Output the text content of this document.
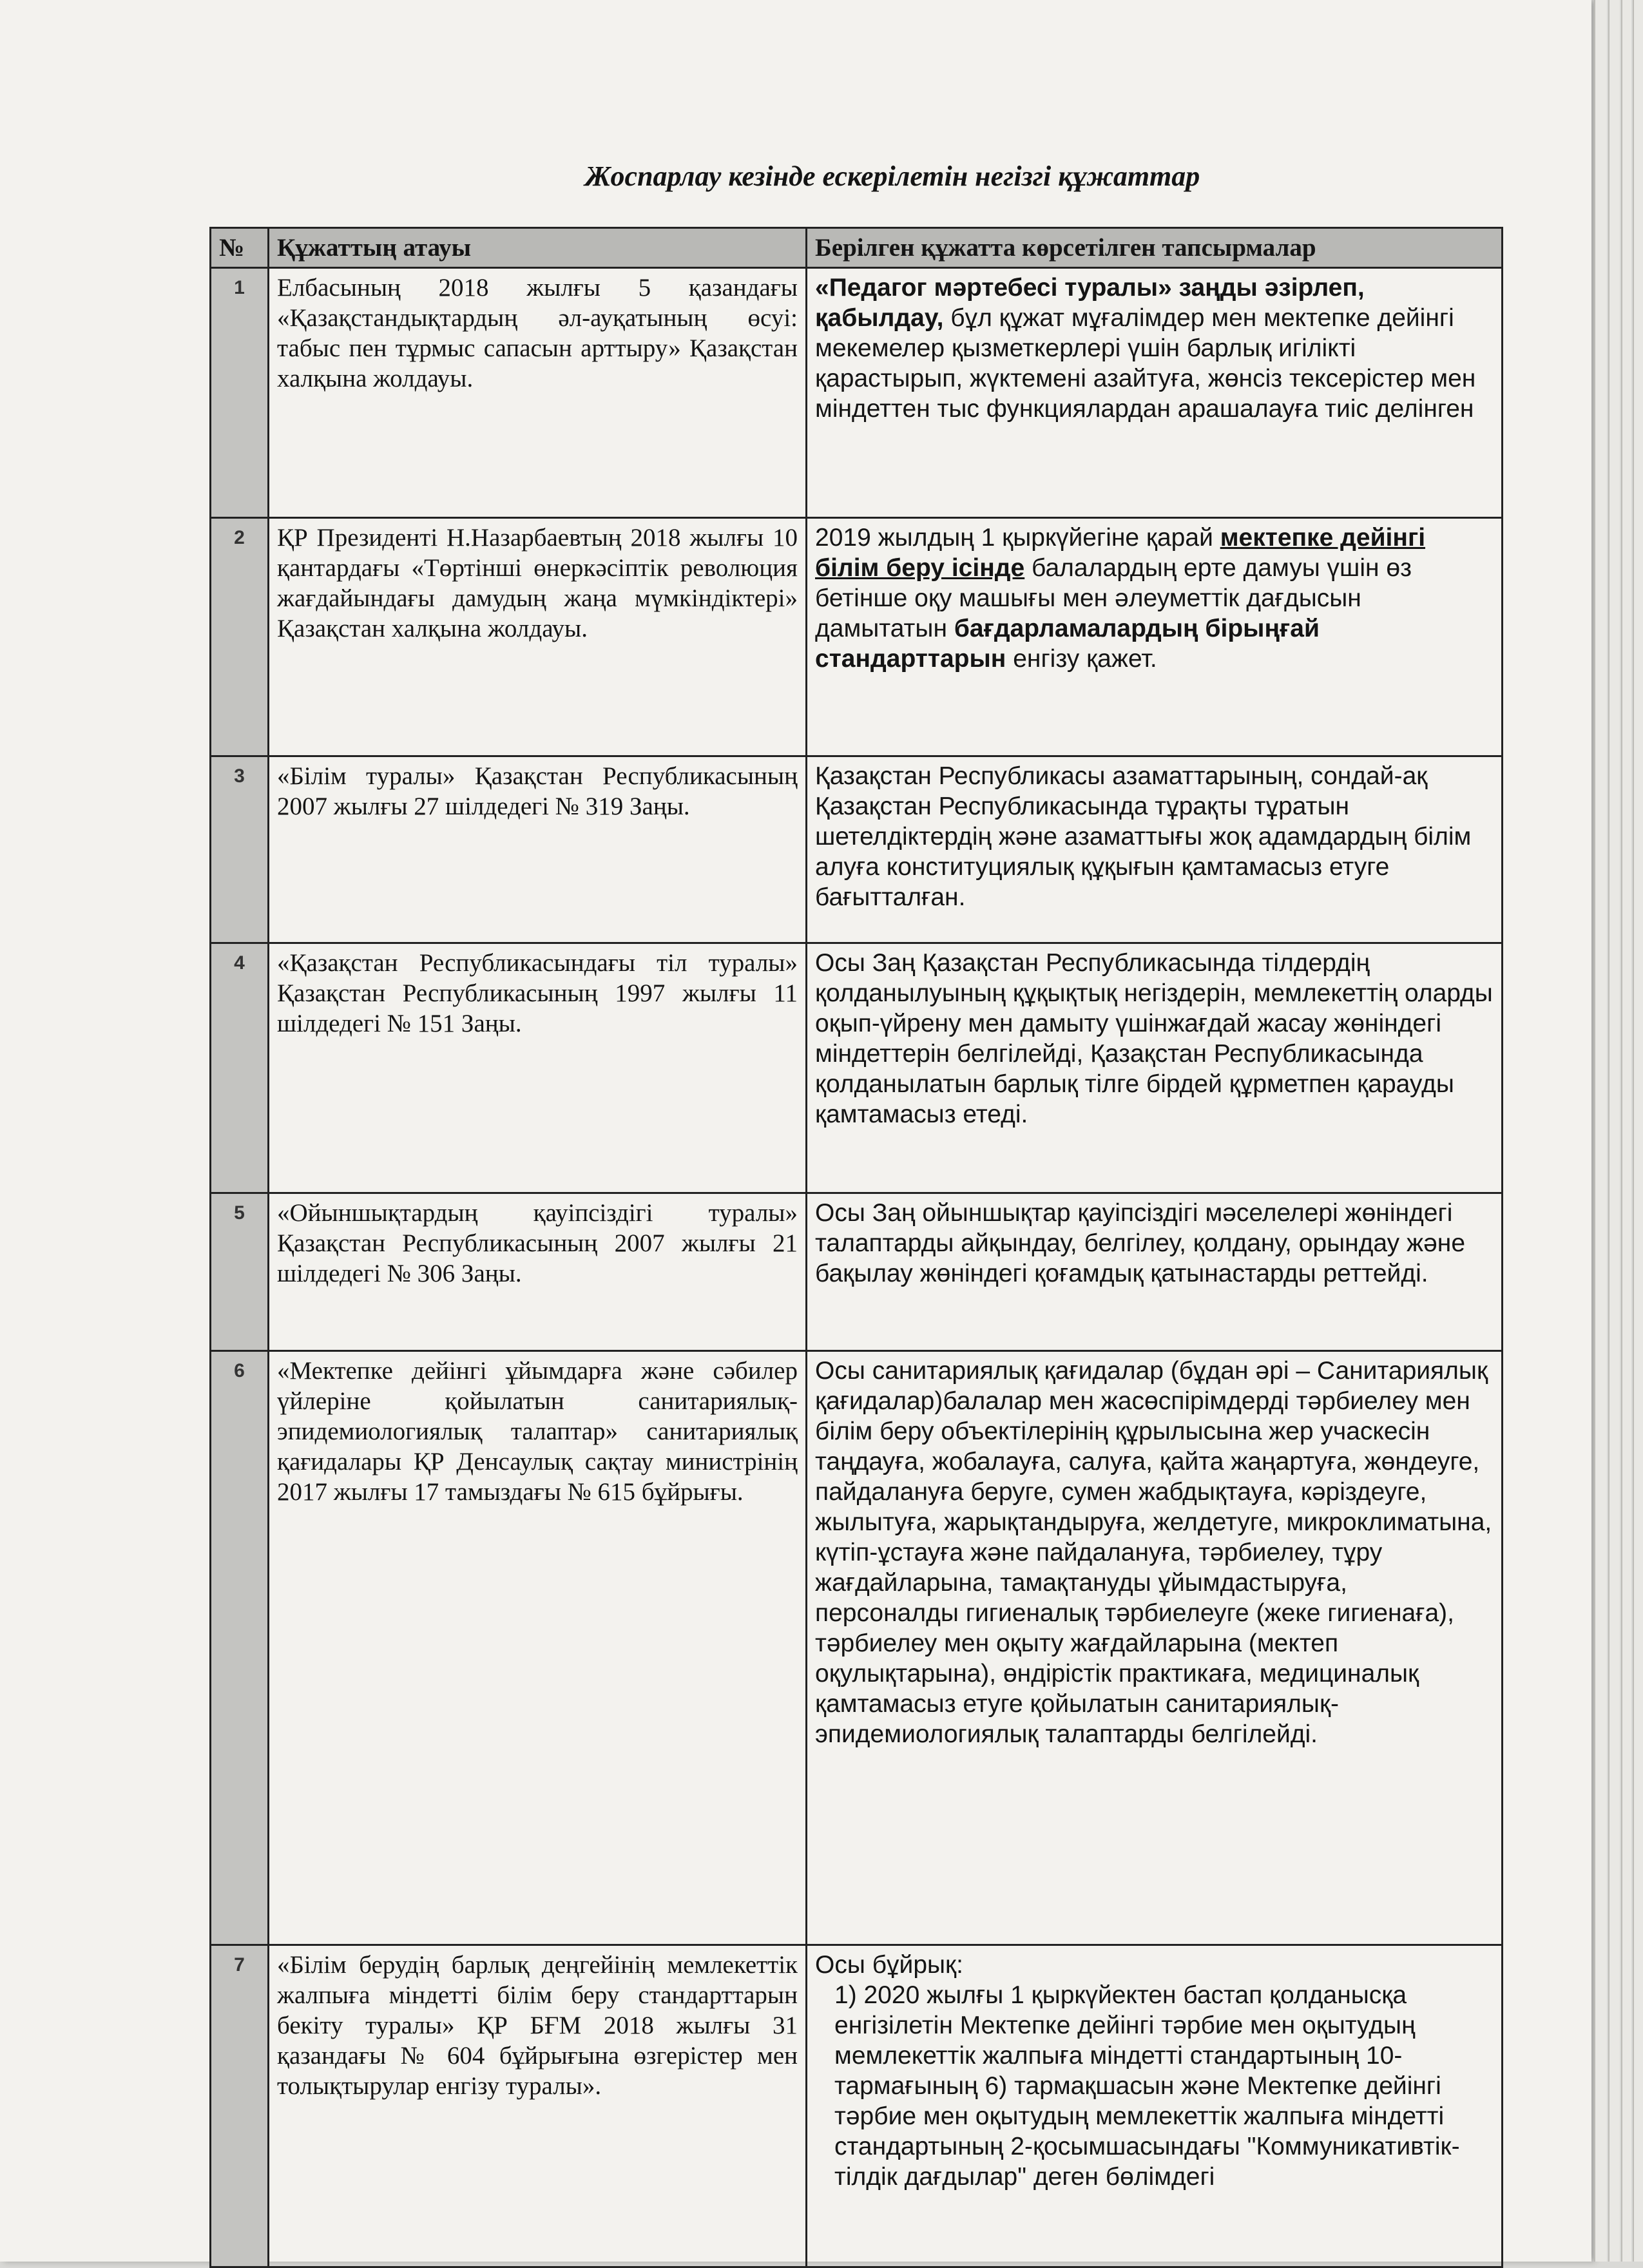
Жоспарлау кезінде ескерілетін негізгі құжаттар
№	Құжаттың атауы	Берілген құжатта көрсетілген тапсырмалар
1	Елбасының 2018 жылғы 5 қазандағы «Қазақстандықтардың әл-ауқатының өсуі: табыс пен тұрмыс сапасын арттыру» Қазақстан халқына жолдауы.	«Педагог мәртебесі туралы» заңды әзірлеп, қабылдау, бұл құжат мұғалімдер мен мектепке дейінгі мекемелер қызметкерлері үшін барлық игілікті қарастырып, жүктемені азайтуға, жөнсіз тексерістер мен міндеттен тыс функциялардан арашалауға тиіс делінген
2	ҚР Президенті Н.Назарбаевтың 2018 жылғы 10 қантардағы «Төртінші өнеркәсіптік революция жағдайындағы дамудың жаңа мүмкіндіктері» Қазақстан халқына жолдауы.	2019 жылдың 1 қыркүйегіне қарай мектепке дейінгі білім беру ісінде балалардың ерте дамуы үшін өз бетінше оқу машығы мен әлеуметтік дағдысын дамытатын бағдарламалардың бірыңғай стандарттарын енгізу қажет.
3	«Білім туралы» Қазақстан Республикасының 2007 жылғы 27 шілдедегі № 319 Заңы.	Қазақстан Республикасы азаматтарының, сондай-ақ Қазақстан Республикасында тұрақты тұратын шетелдіктердің және азаматтығы жоқ адамдардың білім алуға конституциялық құқығын қамтамасыз етуге бағытталған.
4	«Қазақстан Республикасындағы тіл туралы» Қазақстан Республикасының 1997 жылғы 11 шілдедегі № 151 Заңы.	Осы Заң Қазақстан Республикасында тілдердің қолданылуының құқықтық негіздерін, мемлекеттің оларды оқып-үйрену мен дамыту үшінжағдай жасау жөніндегі міндеттерін белгілейді, Қазақстан Республикасында қолданылатын барлық тілге бірдей құрметпен қарауды қамтамасыз етеді.
5	«Ойыншықтардың қауіпсіздігі туралы» Қазақстан Республикасының 2007 жылғы 21 шілдедегі № 306 Заңы.	Осы Заң ойыншықтар қауіпсіздігі мәселелері жөніндегі талаптарды айқындау, белгілеу, қолдану, орындау және бақылау жөніндегі қоғамдық қатынастарды реттейді.
6	«Мектепке дейінгі ұйымдарға және сәбилер үйлеріне қойылатын санитариялық-эпидемиологиялық талаптар» санитариялық қағидалары ҚР Денсаулық сақтау министрінің 2017 жылғы 17 тамыздағы № 615 бұйрығы.	Осы санитариялық қағидалар (бұдан әрі – Санитариялық қағидалар)балалар мен жасөспірімдерді тәрбиелеу мен білім беру объектілерінің құрылысына жер учаскесін таңдауға, жобалауға, салуға, қайта жаңартуға, жөндеуге, пайдалануға беруге, сумен жабдықтауға, кәріздеуге, жылытуға, жарықтандыруға, желдетуге, микроклиматына, күтіп-ұстауға және пайдалануға, тәрбиелеу, тұру жағдайларына, тамақтануды ұйымдастыруға, персоналды гигиеналық тәрбиелеуге (жеке гигиенаға), тәрбиелеу мен оқыту жағдайларына (мектеп оқулықтарына), өндірістік практикаға, медициналық қамтамасыз етуге қойылатын санитариялық-эпидемиологиялық талаптарды белгілейді.
7	«Білім берудің барлық деңгейінің мемлекеттік жалпыға міндетті білім беру стандарттарын бекіту туралы» ҚР БҒМ 2018 жылғы 31 қазандағы № 604 бұйрығына өзгерістер мен толықтырулар енгізу туралы».	Осы бұйрық:
1) 2020 жылғы 1 қыркүйектен бастап қолданысқа енгізілетін Мектепке дейінгі тәрбие мен оқытудың мемлекеттік жалпыға міндетті стандартының 10-тармағының 6) тармақшасын және Мектепке дейінгі тәрбие мен оқытудың мемлекеттік жалпыға міндетті стандартының 2-қосымшасындағы "Коммуникативтік-тілдік дағдылар" деген бөлімдегі
